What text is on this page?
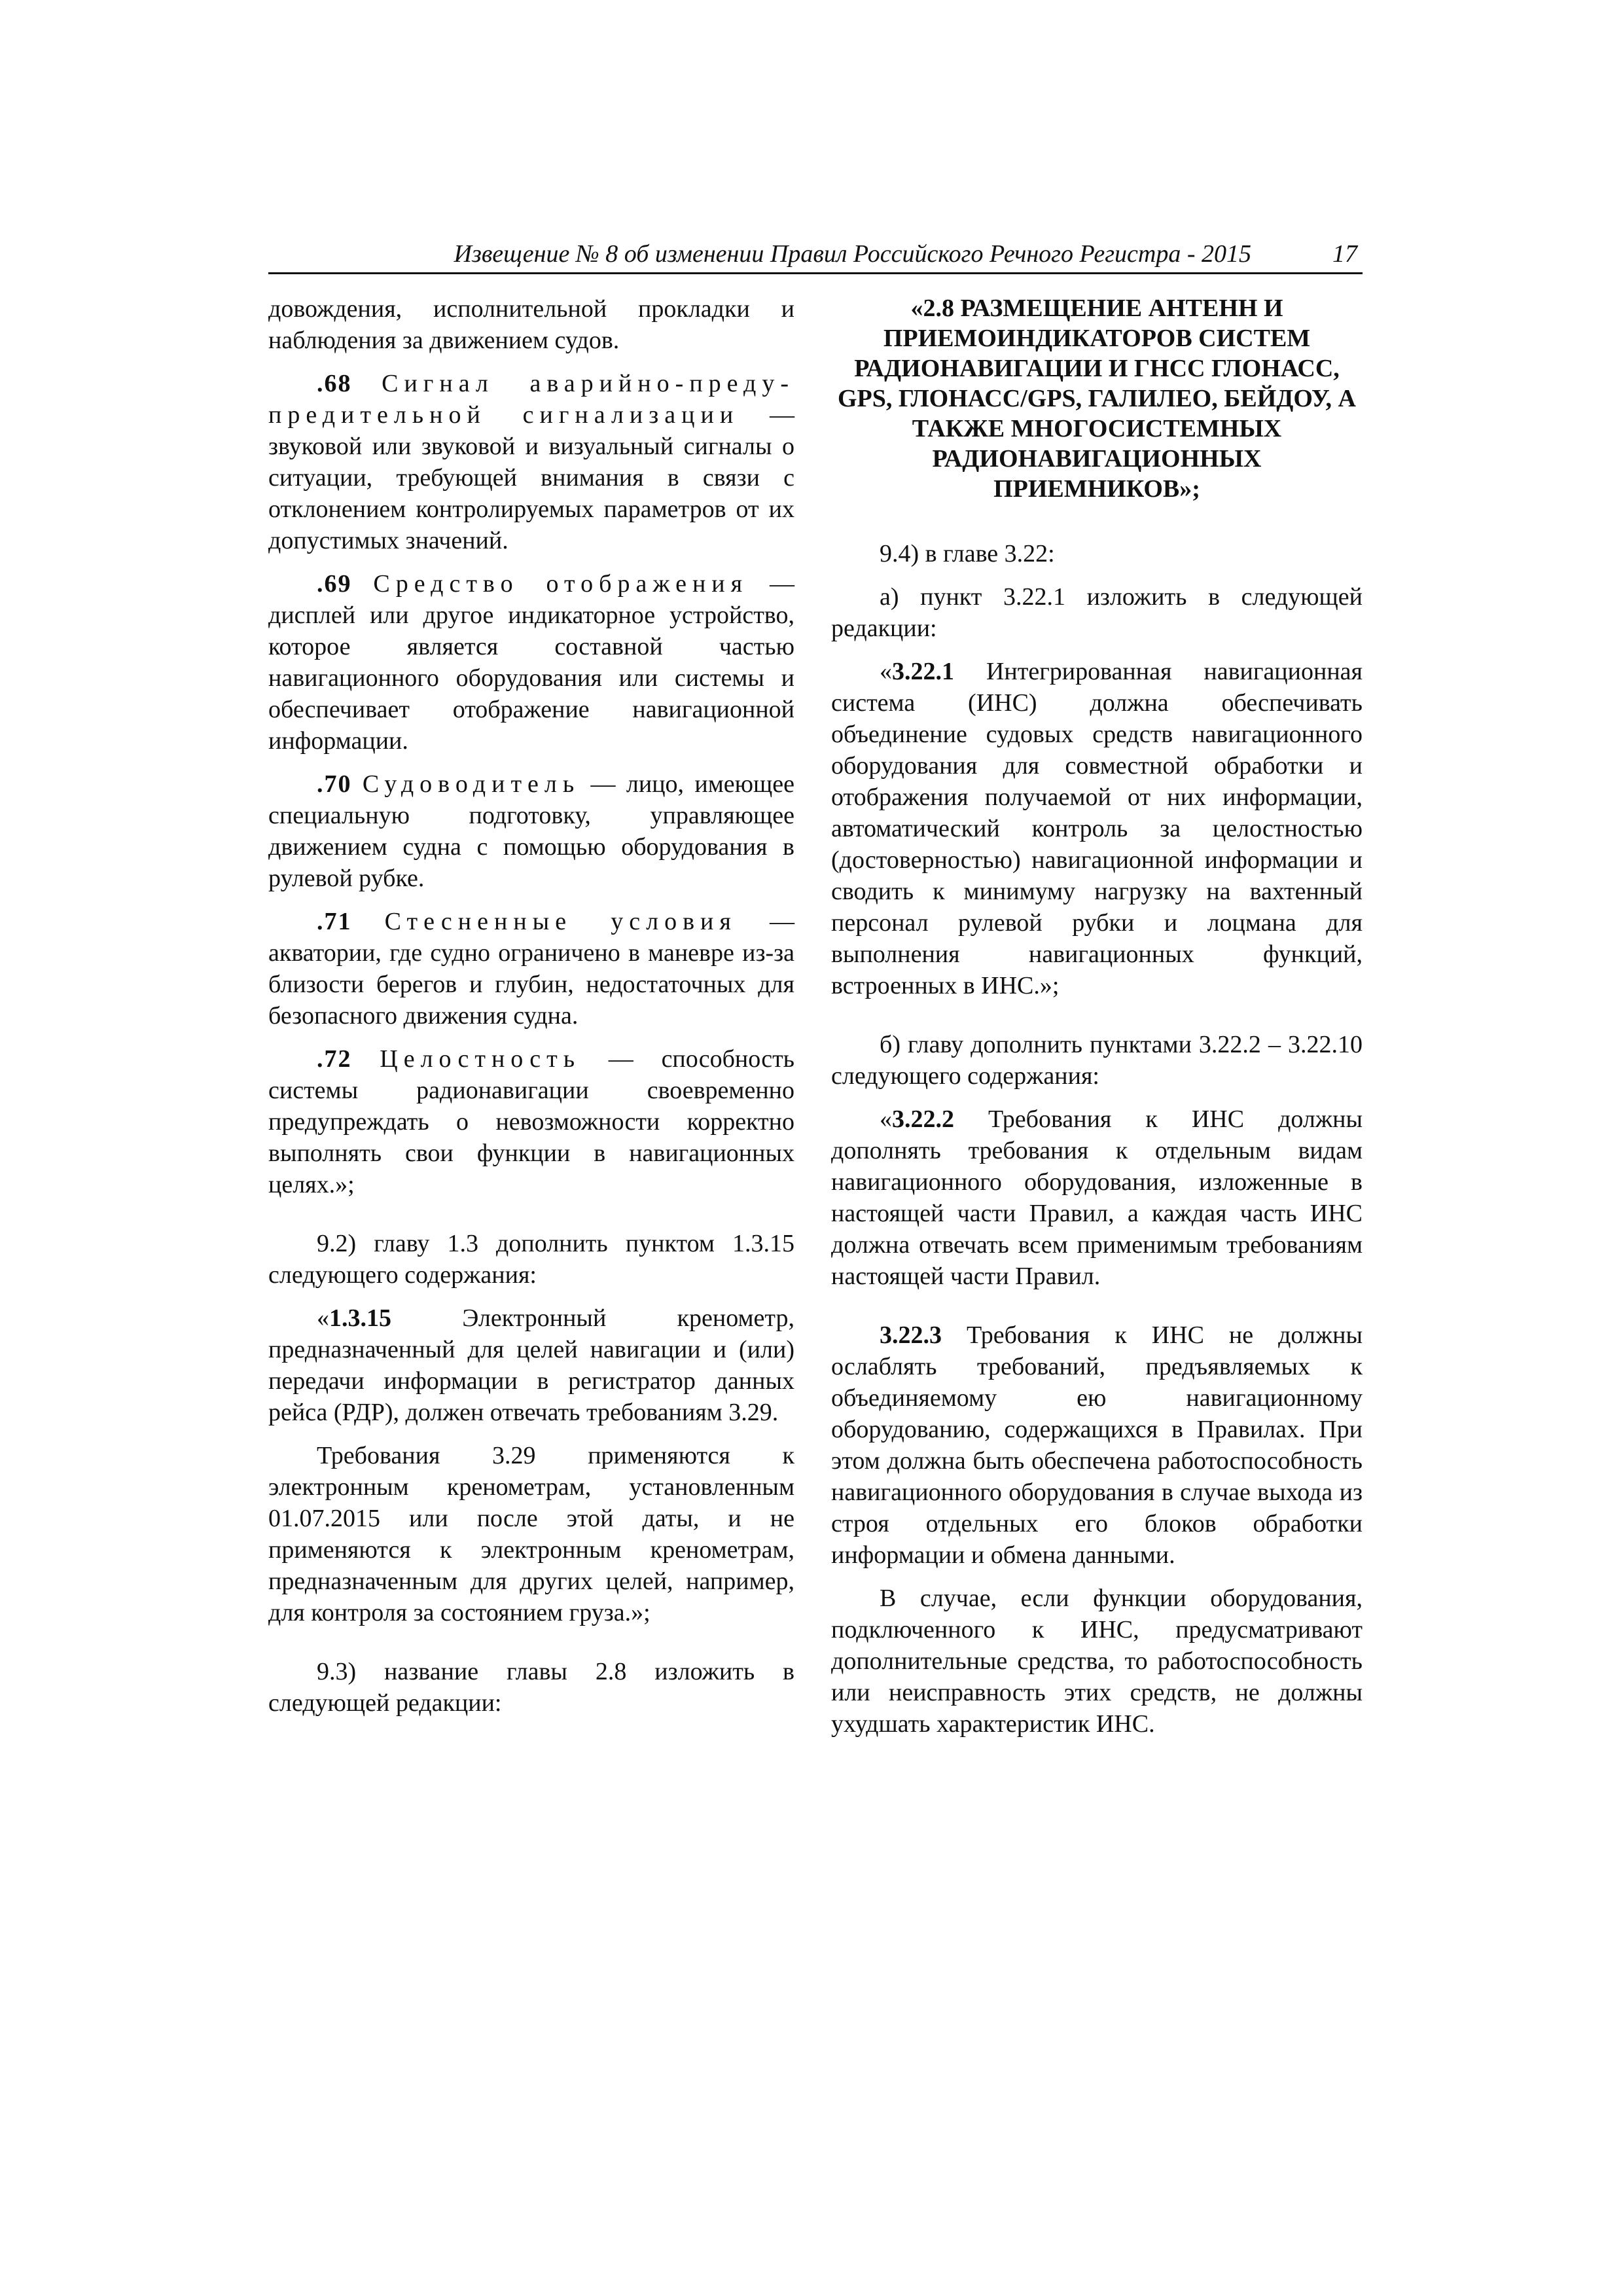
Извещение № 8 об изменении Правил Российского Речного Регистра - 2015	17

довождения, исполнительной прокладки и наблюдения за движением судов.

.68 Сигнал аварийно-преду-предительной сигнализации — звуковой или звуковой и визуальный сигналы о ситуации, требующей внимания в связи с отклонением контролируемых параметров от их допустимых значений.

.69 Средство отображения — дисплей или другое индикаторное устройство, которое является составной частью навигационного оборудования или системы и обеспечивает отображение навигационной информации.

.70 Судоводитель — лицо, имеющее специальную подготовку, управляющее движением судна с помощью оборудования в рулевой рубке.

.71 Стесненные условия — акватории, где судно ограничено в маневре из-за близости берегов и глубин, недостаточных для безопасного движения судна.

.72 Целостность — способность системы радионавигации своевременно предупреждать о невозможности корректно выполнять свои функции в навигационных целях.»;

9.2) главу 1.3 дополнить пунктом 1.3.15 следующего содержания:

«1.3.15 Электронный кренометр, предназначенный для целей навигации и (или) передачи информации в регистратор данных рейса (РДР), должен отвечать требованиям 3.29.

Требования 3.29 применяются к электронным кренометрам, установленным 01.07.2015 или после этой даты, и не применяются к электронным кренометрам, предназначенным для других целей, например, для контроля за состоянием груза.»;

9.3) название главы 2.8 изложить в следующей редакции:

«2.8 РАЗМЕЩЕНИЕ АНТЕНН И ПРИЕМОИНДИКАТОРОВ СИСТЕМ РАДИОНАВИГАЦИИ И ГНСС ГЛОНАСС, GPS, ГЛОНАСС/GPS, ГАЛИЛЕО, БЕЙДОУ, А ТАКЖЕ МНОГОСИСТЕМНЫХ РАДИОНАВИГАЦИОННЫХ ПРИЕМНИКОВ»;

9.4) в главе 3.22:

а) пункт 3.22.1 изложить в следующей редакции:

«3.22.1 Интегрированная навигационная система (ИНС) должна обеспечивать объединение судовых средств навигационного оборудования для совместной обработки и отображения получаемой от них информации, автоматический контроль за целостностью (достоверностью) навигационной информации и сводить к минимуму нагрузку на вахтенный персонал рулевой рубки и лоцмана для выполнения навигационных функций, встроенных в ИНС.»;

б) главу дополнить пунктами 3.22.2 – 3.22.10 следующего содержания:

«3.22.2 Требования к ИНС должны дополнять требования к отдельным видам навигационного оборудования, изложенные в настоящей части Правил, а каждая часть ИНС должна отвечать всем применимым требованиям настоящей части Правил.

3.22.3 Требования к ИНС не должны ослаблять требований, предъявляемых к объединяемому ею навигационному оборудованию, содержащихся в Правилах. При этом должна быть обеспечена работоспособность навигационного оборудования в случае выхода из строя отдельных его блоков обработки информации и обмена данными.

В случае, если функции оборудования, подключенного к ИНС, предусматривают дополнительные средства, то работоспособность или неисправность этих средств, не должны ухудшать характеристик ИНС.
